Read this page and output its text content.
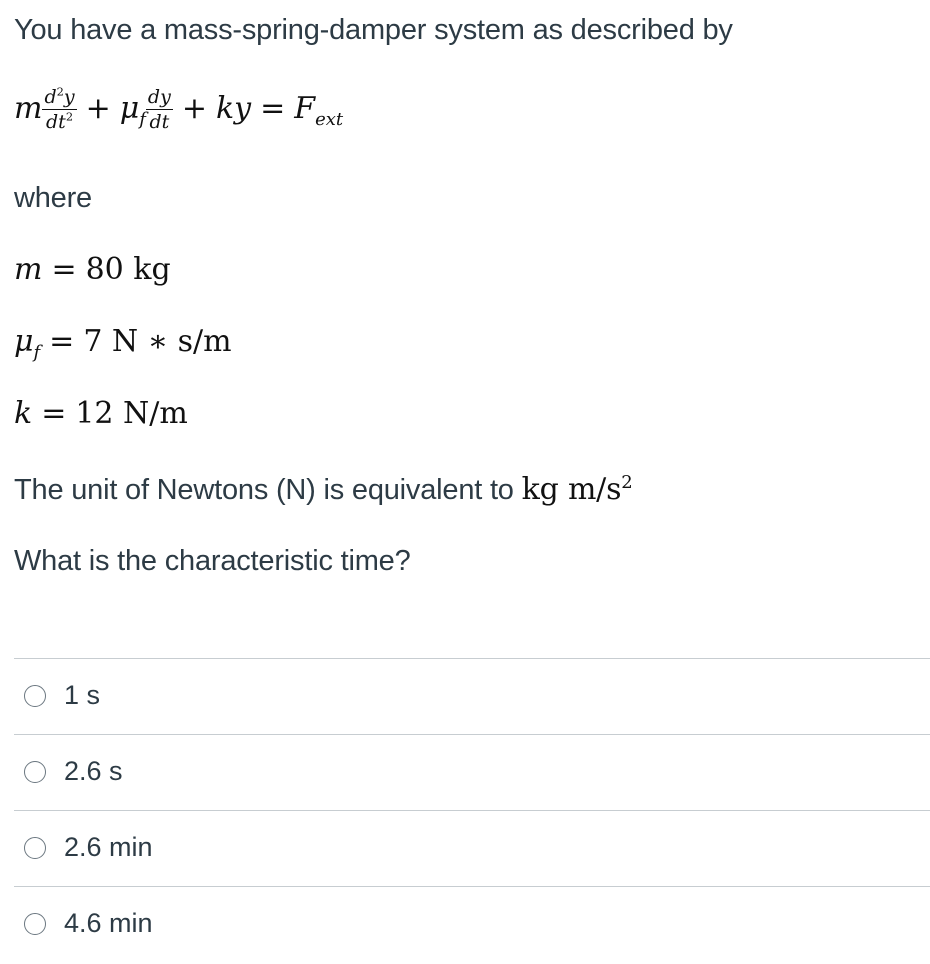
You have a mass-spring-damper system as described by
m $\frac{d^2y}{dt^2} + \mu_f \frac{dy}{dt}$ + ky = $F_{ext}$
where
m = 80 kg
$\mu_f = 7$ N ∗ s/m
k = 12 N/m
The unit of Newtons (N) is equivalent to kg $m/s^2$
What is the characteristic time?
1 s
2.6 s
2.6 min
4.6 min
